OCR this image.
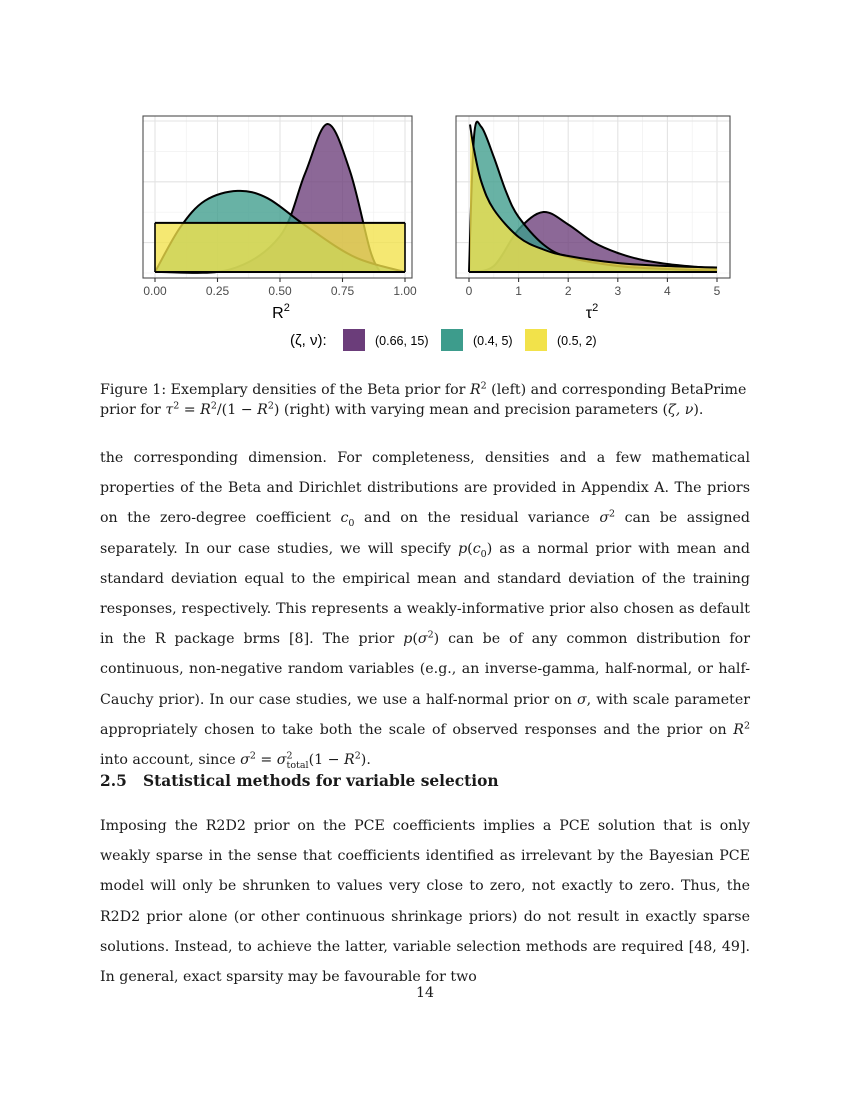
0.00	0.25	0.50	0.75	1.00	0	1	2	3	4	5
$R^2$	$\tau^2$
(ζ, ν):	(0.66, 15)	(0.4, 5)	(0.5, 2)
Figure 1: Exemplary densities of the Beta prior for $R^2$ (left) and corresponding BetaPrime prior for $\tau^2 = R^2/(1 - R^2)$ (right) with varying mean and precision parameters (ζ, ν).

the corresponding dimension. For completeness, densities and a few mathematical properties of the Beta and Dirichlet distributions are provided in Appendix A. The priors on the zero-degree coefficient $c_0$ and on the residual variance $\sigma^2$ can be assigned separately. In our case studies, we will specify $p(c_0)$ as a normal prior with mean and standard deviation equal to the empirical mean and standard deviation of the training responses, respectively. This represents a weakly-informative prior also chosen as default in the R package brms [8]. The prior $p(\sigma^2)$ can be of any common distribution for continuous, non-negative random variables (e.g., an inverse-gamma, half-normal, or half-Cauchy prior). In our case studies, we use a half-normal prior on σ, with scale parameter appropriately chosen to take both the scale of observed responses and the prior on $R^2$ into account, since $\sigma^2 = \sigma^2_{total}(1 - R^2)$.

2.5 Statistical methods for variable selection

Imposing the R2D2 prior on the PCE coefficients implies a PCE solution that is only weakly sparse in the sense that coefficients identified as irrelevant by the Bayesian PCE model will only be shrunken to values very close to zero, not exactly to zero. Thus, the R2D2 prior alone (or other continuous shrinkage priors) do not result in exactly sparse solutions. Instead, to achieve the latter, variable selection methods are required [48, 49]. In general, exact sparsity may be favourable for two

14
